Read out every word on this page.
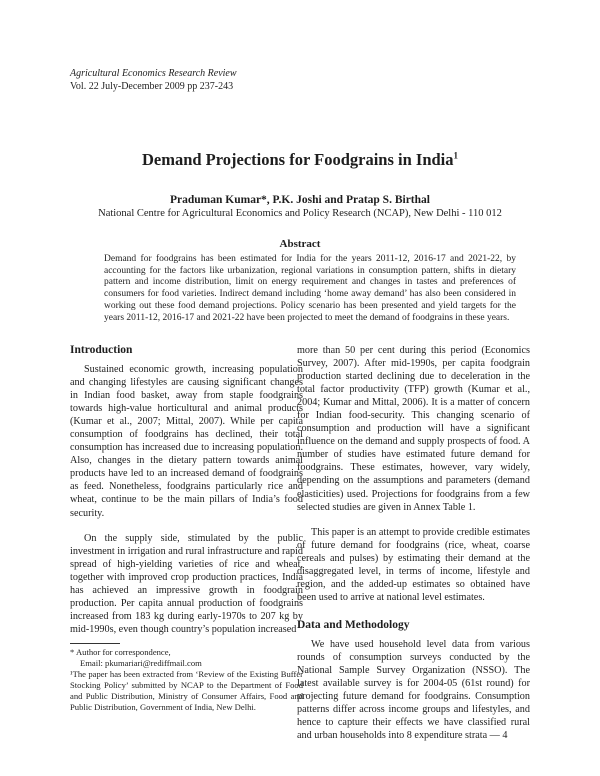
Agricultural Economics Research Review
Vol. 22 July-December 2009 pp 237-243
Demand Projections for Foodgrains in India$^1$
Praduman Kumar*, P.K. Joshi and Pratap S. Birthal
National Centre for Agricultural Economics and Policy Research (NCAP), New Delhi - 110 012
Abstract

Demand for foodgrains has been estimated for India for the years 2011-12, 2016-17 and 2021-22, by accounting for the factors like urbanization, regional variations in consumption pattern, shifts in dietary pattern and income distribution, limit on energy requirement and changes in tastes and preferences of consumers for food varieties. Indirect demand including ‘home away demand’ has also been considered in working out these food demand projections. Policy scenario has been presented and yield targets for the years 2011-12, 2016-17 and 2021-22 have been projected to meet the demand of foodgrains in these years.

Introduction

Sustained economic growth, increasing population and changing lifestyles are causing significant changes in Indian food basket, away from staple foodgrains towards high-value horticultural and animal products (Kumar et al., 2007; Mittal, 2007). While per capita consumption of foodgrains has declined, their total consumption has increased due to increasing population. Also, changes in the dietary pattern towards animal products have led to an increased demand of foodgrains as feed. Nonetheless, foodgrains particularly rice and wheat, continue to be the main pillars of India’s food security.

On the supply side, stimulated by the public investment in irrigation and rural infrastructure and rapid spread of high-yielding varieties of rice and wheat, together with improved crop production practices, India has achieved an impressive growth in foodgrain production. Per capita annual production of foodgrains increased from 183 kg during early-1970s to 207 kg by mid-1990s, even though country’s population increased

* Author for correspondence,

Email: pkumariari@rediffmail.com

¹The paper has been extracted from ‘Review of the Existing Buffer Stocking Policy’ submitted by NCAP to the Department of Food and Public Distribution, Ministry of Consumer Affairs, Food and Public Distribution, Government of India, New Delhi.

more than 50 per cent during this period (Economics Survey, 2007). After mid-1990s, per capita foodgrain production started declining due to deceleration in the total factor productivity (TFP) growth (Kumar et al., 2004; Kumar and Mittal, 2006). It is a matter of concern for Indian food-security. This changing scenario of consumption and production will have a significant influence on the demand and supply prospects of food. A number of studies have estimated future demand for foodgrains. These estimates, however, vary widely, depending on the assumptions and parameters (demand elasticities) used. Projections for foodgrains from a few selected studies are given in Annex Table 1.

This paper is an attempt to provide credible estimates of future demand for foodgrains (rice, wheat, coarse cereals and pulses) by estimating their demand at the disaggregated level, in terms of income, lifestyle and region, and the added-up estimates so obtained have been used to arrive at national level estimates.

Data and Methodology

We have used household level data from various rounds of consumption surveys conducted by the National Sample Survey Organization (NSSO). The latest available survey is for 2004-05 (61st round) for projecting future demand for foodgrains. Consumption patterns differ across income groups and lifestyles, and hence to capture their effects we have classified rural and urban households into 8 expenditure strata — 4
